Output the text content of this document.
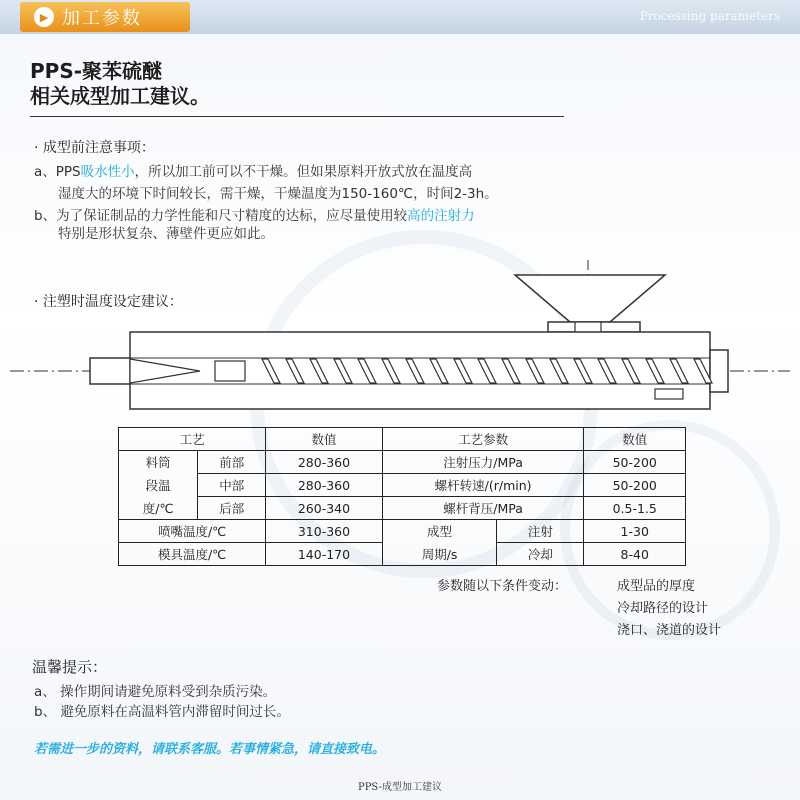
▶ 加工参数	Processing parameters
PPS-聚苯硫醚
相关成型加工建议。
· 成型前注意事项：
a、PPS吸水性小，所以加工前可以不干燥。但如果原料开放式放在温度高
湿度大的环境下时间较长，需干燥，干燥温度为150-160℃，时间2-3h。
b、为了保证制品的力学性能和尺寸精度的达标，应尽量使用较高的注射力
特别是形状复杂、薄壁件更应如此。
· 注塑时温度设定建议：
工艺		数值	工艺参数		数值
料筒	前部	280-360	注射压力/MPa		50-200
段温	中部	280-360	螺杆转速/(r/min)		50-200
度/℃	后部	260-340	螺杆背压/MPa		0.5-1.5
喷嘴温度/℃		310-360	成型	注射	1-30
模具温度/℃		140-170	周期/s	冷却	8-40
参数随以下条件变动：	成型品的厚度
冷却路径的设计
浇口、浇道的设计
温馨提示：
a、 操作期间请避免原料受到杂质污染。
b、 避免原料在高温料管内滞留时间过长。
若需进一步的资料，请联系客服。若事情紧急，请直接致电。
PPS-成型加工建议
